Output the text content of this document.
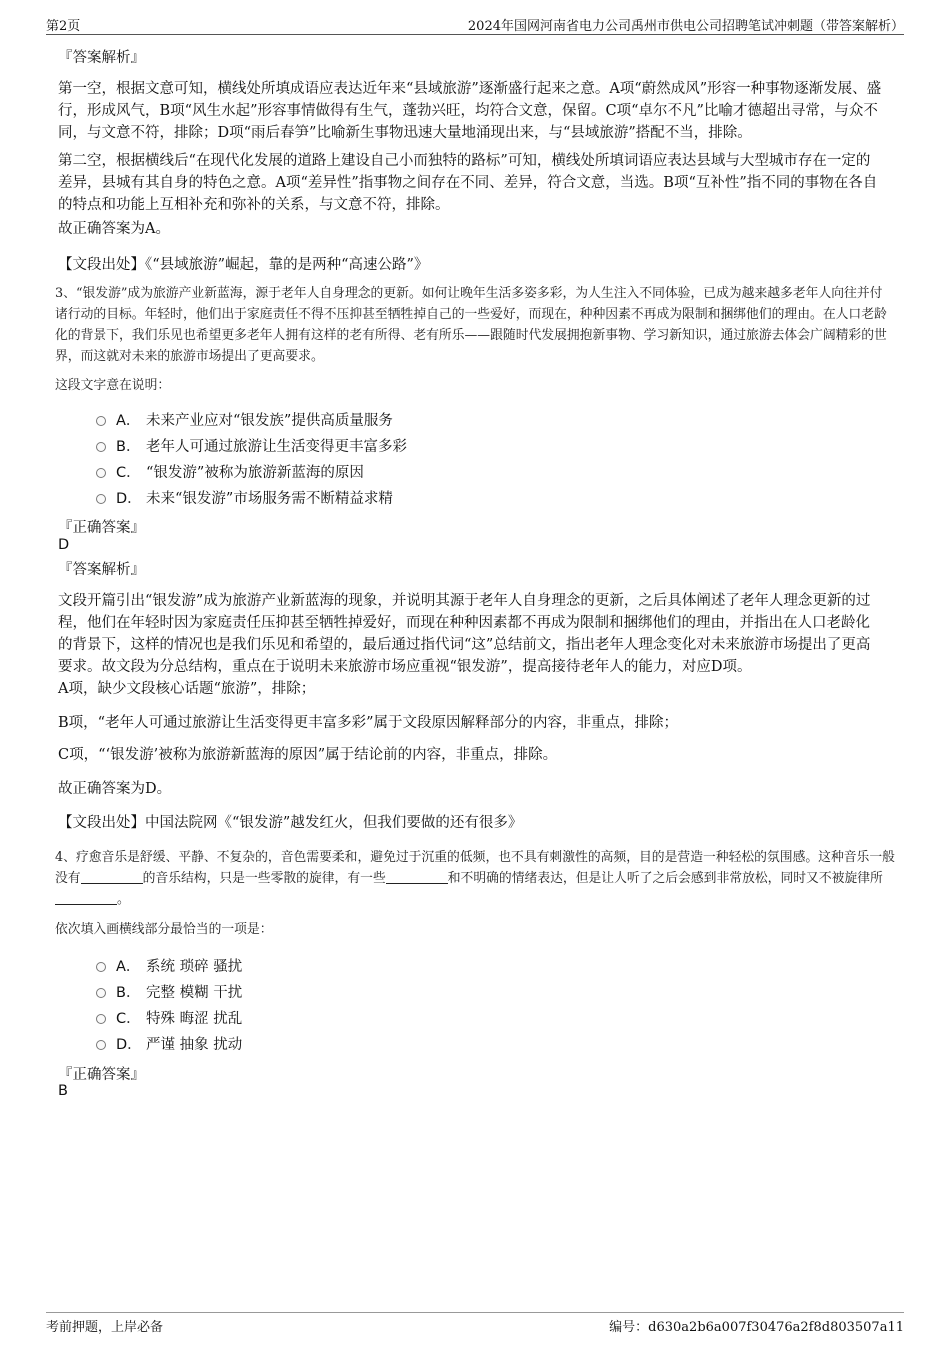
第2页	2024年国网河南省电力公司禹州市供电公司招聘笔试冲刺题（带答案解析）
『答案解析』
第一空，根据文意可知，横线处所填成语应表达近年来“县域旅游”逐渐盛行起来之意。A项“蔚然成风”形容一种事物逐渐发展、盛行，形成风气，B项“风生水起”形容事情做得有生气，蓬勃兴旺，均符合文意，保留。C项“卓尔不凡”比喻才德超出寻常，与众不同，与文意不符，排除；D项“雨后春笋”比喻新生事物迅速大量地涌现出来，与“县域旅游”搭配不当，排除。
第二空，根据横线后“在现代化发展的道路上建设自己小而独特的路标”可知，横线处所填词语应表达县域与大型城市存在一定的差异，县城有其自身的特色之意。A项“差异性”指事物之间存在不同、差异，符合文意，当选。B项“互补性”指不同的事物在各自的特点和功能上互相补充和弥补的关系，与文意不符，排除。
故正确答案为A。
【文段出处】《“县域旅游”崛起，靠的是两种“高速公路”》
3、“银发游”成为旅游产业新蓝海，源于老年人自身理念的更新。如何让晚年生活多姿多彩，为人生注入不同体验，已成为越来越多老年人向往并付诸行动的目标。年轻时，他们出于家庭责任不得不压抑甚至牺牲掉自己的一些爱好，而现在，种种因素不再成为限制和捆绑他们的理由。在人口老龄化的背景下，我们乐见也希望更多老年人拥有这样的老有所得、老有所乐——跟随时代发展拥抱新事物、学习新知识，通过旅游去体会广阔精彩的世界，而这就对未来的旅游市场提出了更高要求。
这段文字意在说明：
A． 未来产业应对“银发族”提供高质量服务
B． 老年人可通过旅游让生活变得更丰富多彩
C． “银发游”被称为旅游新蓝海的原因
D． 未来“银发游”市场服务需不断精益求精
『正确答案』
D
『答案解析』
文段开篇引出“银发游”成为旅游产业新蓝海的现象，并说明其源于老年人自身理念的更新，之后具体阐述了老年人理念更新的过程，他们在年轻时因为家庭责任压抑甚至牺牲掉爱好，而现在种种因素都不再成为限制和捆绑他们的理由，并指出在人口老龄化的背景下，这样的情况也是我们乐见和希望的，最后通过指代词“这”总结前文，指出老年人理念变化对未来旅游市场提出了更高要求。故文段为分总结构，重点在于说明未来旅游市场应重视“银发游”，提高接待老年人的能力，对应D项。
A项，缺少文段核心话题“旅游”，排除；
B项，“老年人可通过旅游让生活变得更丰富多彩”属于文段原因解释部分的内容，非重点，排除；
C项，“‘银发游’被称为旅游新蓝海的原因”属于结论前的内容，非重点，排除。
故正确答案为D。
【文段出处】中国法院网《“银发游”越发红火，但我们要做的还有很多》
4、疗愈音乐是舒缓、平静、不复杂的，音色需要柔和，避免过于沉重的低频，也不具有刺激性的高频，目的是营造一种轻松的氛围感。这种音乐一般没有	的音乐结构，只是一些零散的旋律，有一些	和不明确的情绪表达，但是让人听了之后会感到非常放松，同时又不被旋律所。
依次填入画横线部分最恰当的一项是：
A． 系统 琐碎 骚扰
B． 完整 模糊 干扰
C． 特殊 晦涩 扰乱
D． 严谨 抽象 扰动
『正确答案』
B
考前押题，上岸必备	编号：d630a2b6a007f30476a2f8d803507a11
